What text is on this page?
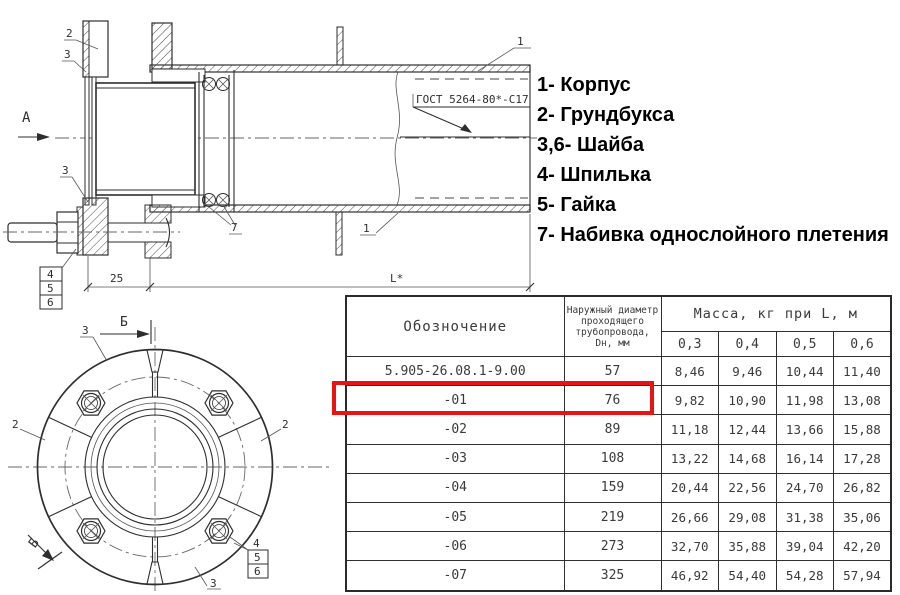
ГОСТ 5264-80*-С17
А
2
3
3
1
1
7
4
5
6
25	L*
Б
Б
3
2	2
3
4
5
6
1- Корпус
2- Грундбукса
3,6- Шайба
4- Шпилька
5- Гайка
7- Набивка однослойного плетения
Обозночение	Наружный диаметр
проходящего
трубопровода,
Dн, мм	Масса, кг при L, м			
		0,3	0,4	0,5	0,6
5.905-26.08.1-9.00	57	8,46	9,46	10,44	11,40
-01	76	9,82	10,90	11,98	13,08
-02	89	11,18	12,44	13,66	15,88
-03	108	13,22	14,68	16,14	17,28
-04	159	20,44	22,56	24,70	26,82
-05	219	26,66	29,08	31,38	35,06
-06	273	32,70	35,88	39,04	42,20
-07	325	46,92	54,40	54,28	57,94
